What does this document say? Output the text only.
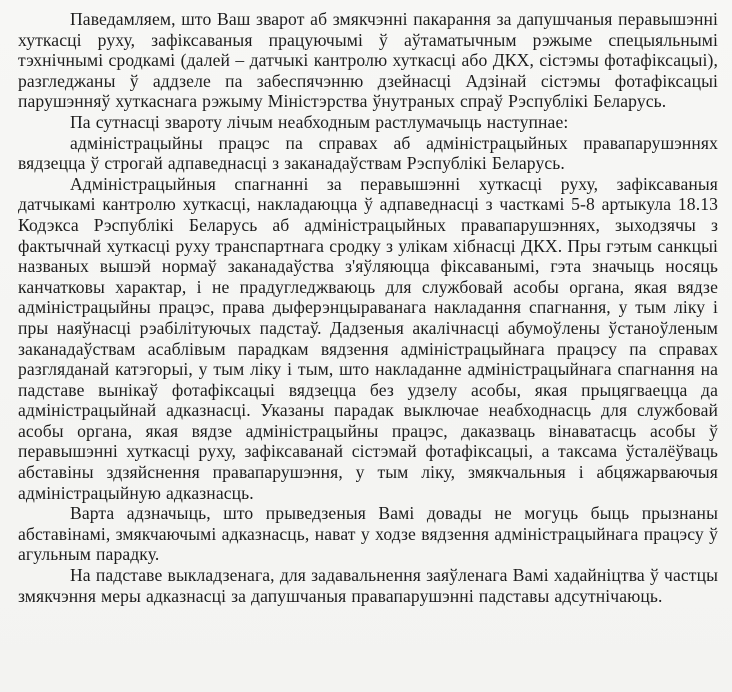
Паведамляем, што Ваш зварот аб змякчэнні пакарання за дапушчаныя перавышэнні хуткасці руху, зафіксаваныя працуючымі ў аўтаматычным рэжыме спецыяльнымі тэхнічнымі сродкамі (далей – датчыкі кантролю хуткасці або ДКХ, сістэмы фотафіксацыі), разгледжаны ў аддзеле па забеспячэнню дзейнасці Адзінай сістэмы фотафіксацыі парушэнняў хуткаснага рэжыму Міністэрства ўнутраных спраў Рэспублікі Беларусь.

Па сутнасці звароту лічым неабходным растлумачыць наступнае:

адміністрацыйны працэс па справах аб адміністрацыйных правапарушэннях вядзецца ў строгай адпаведнасці з заканадаўствам Рэспублікі Беларусь.

Адміністрацыйныя спагнанні за перавышэнні хуткасці руху, зафіксаваныя датчыкамі кантролю хуткасці, накладаюцца ў адпаведнасці з часткамі 5-8 артыкула 18.13 Кодэкса Рэспублікі Беларусь аб адміністрацыйных правапарушэннях, зыходзячы з фактычнай хуткасці руху транспартнага сродку з улікам хібнасці ДКХ. Пры гэтым санкцыі названых вышэй нормаў заканадаўства з'яўляюцца фіксаванымі, гэта значыць носяць канчатковы характар, і не прадугледжваюць для службовай асобы органа, якая вядзе адміністрацыйны працэс, права дыферэнцыраванага накладання спагнання, у тым ліку і пры наяўнасці рэабілітуючых падстаў. Дадзеныя акалічнасці абумоўлены ўстаноўленым заканадаўствам асаблівым парадкам вядзення адміністрацыйнага працэсу па справах разгляданай катэгорыі, у тым ліку і тым, што накладанне адміністрацыйнага спагнання на падставе вынікаў фотафіксацыі вядзецца без удзелу асобы, якая прыцягваецца да адміністрацыйнай адказнасці. Указаны парадак выключае неабходнасць для службовай асобы органа, якая вядзе адміністрацыйны працэс, даказваць вінаватасць асобы ў перавышэнні хуткасці руху, зафіксаванай сістэмай фотафіксацыі, а таксама ўсталёўваць абставіны здзяйснення правапарушэння, у тым ліку, змякчальныя і абцяжарваючыя адміністрацыйную адказнасць.

Варта адзначыць, што прыведзеныя Вамі довады не могуць быць прызнаны абставінамі, змякчаючымі адказнасць, нават у ходзе вядзення адміністрацыйнага працэсу ў агульным парадку.

На падставе выкладзенага, для задавальнення заяўленага Вамі хадайніцтва ў частцы змякчэння меры адказнасці за дапушчаныя правапарушэнні падставы адсутнічаюць.
